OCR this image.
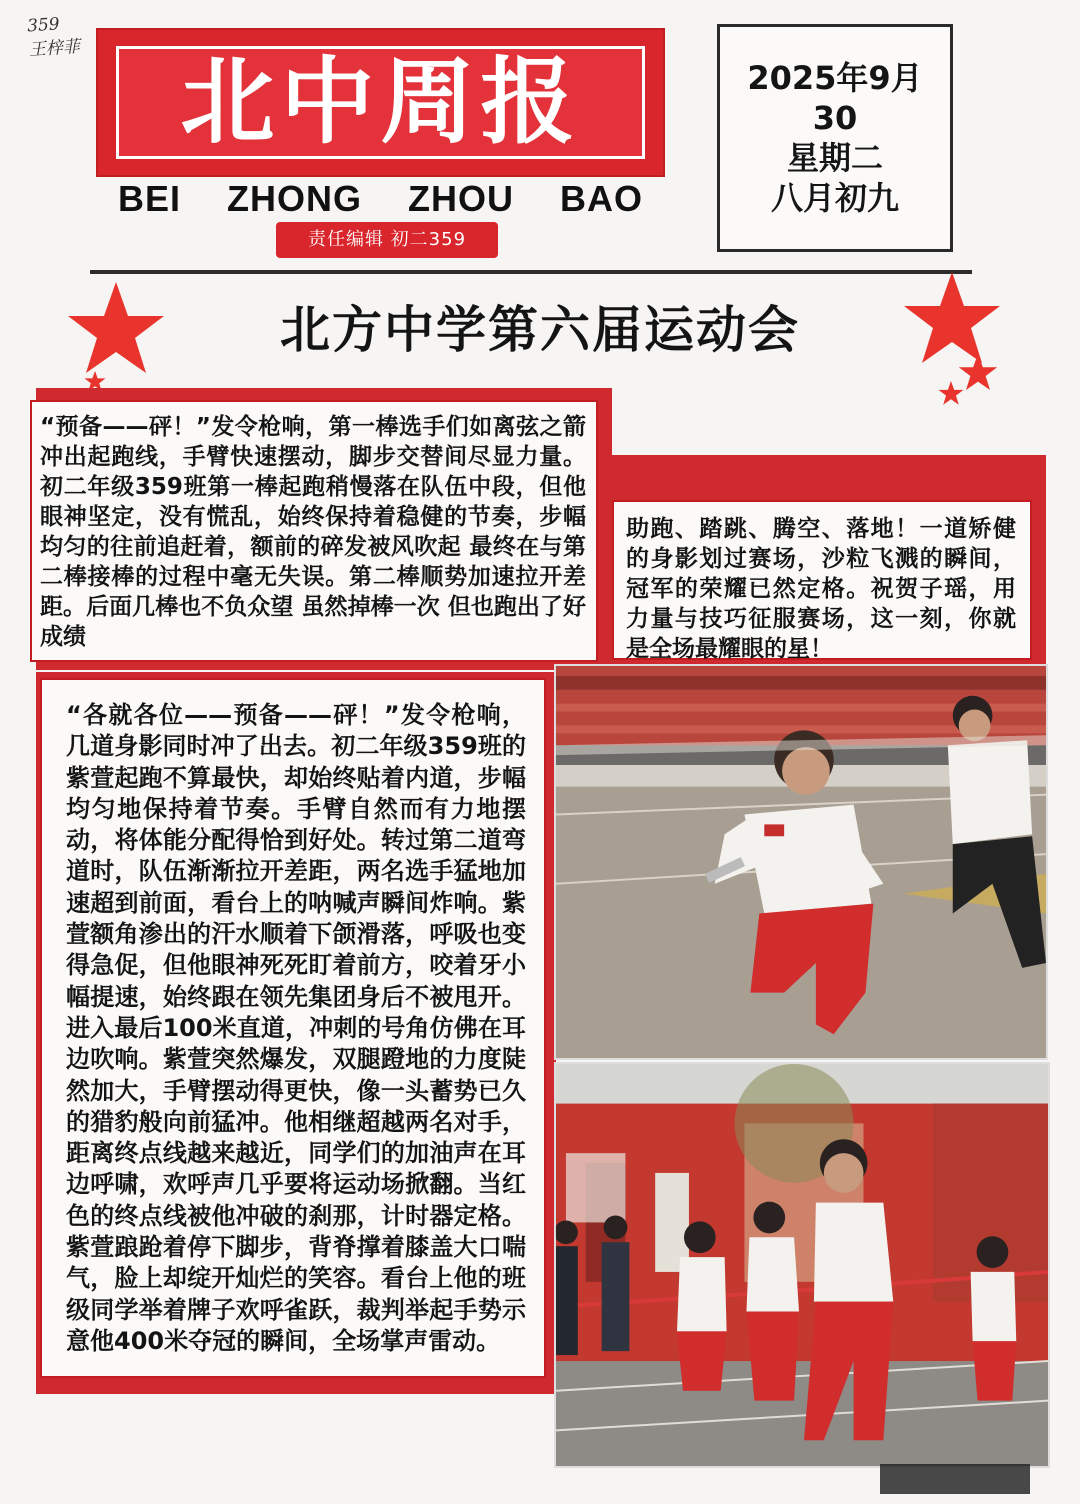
359
王梓菲 北中周报
BEI ZHONG ZHOU BAO
责任编辑 初二359
2025年9月
30
星期二
八月初九
北方中学第六届运动会

“预备——砰！”发令枪响，第一棒选手们如离弦之箭冲出起跑线，手臂快速摆动，脚步交替间尽显力量。初二年级359班第一棒起跑稍慢落在队伍中段，但他眼神坚定，没有慌乱，始终保持着稳健的节奏，步幅均匀的往前追赶着，额前的碎发被风吹起 最终在与第二棒接棒的过程中毫无失误。第二棒顺势加速拉开差距。后面几棒也不负众望 虽然掉棒一次 但也跑出了好成绩

助跑、踏跳、腾空、落地！一道矫健的身影划过赛场，沙粒飞溅的瞬间，冠军的荣耀已然定格。祝贺子瑶，用力量与技巧征服赛场，这一刻，你就是全场最耀眼的星！

“各就各位——预备——砰！”发令枪响，几道身影同时冲了出去。初二年级359班的紫萱起跑不算最快，却始终贴着内道，步幅均匀地保持着节奏。手臂自然而有力地摆动，将体能分配得恰到好处。转过第二道弯道时，队伍渐渐拉开差距，两名选手猛地加速超到前面，看台上的呐喊声瞬间炸响。紫萱额角渗出的汗水顺着下颌滑落，呼吸也变得急促，但他眼神死死盯着前方，咬着牙小幅提速，始终跟在领先集团身后不被甩开。进入最后100米直道，冲刺的号角仿佛在耳边吹响。紫萱突然爆发，双腿蹬地的力度陡然加大，手臂摆动得更快，像一头蓄势已久的猎豹般向前猛冲。他相继超越两名对手，距离终点线越来越近，同学们的加油声在耳边呼啸，欢呼声几乎要将运动场掀翻。当红色的终点线被他冲破的刹那，计时器定格。紫萱踉跄着停下脚步，背脊撑着膝盖大口喘气，脸上却绽开灿烂的笑容。看台上他的班级同学举着牌子欢呼雀跃，裁判举起手势示意他400米夺冠的瞬间，全场掌声雷动。
